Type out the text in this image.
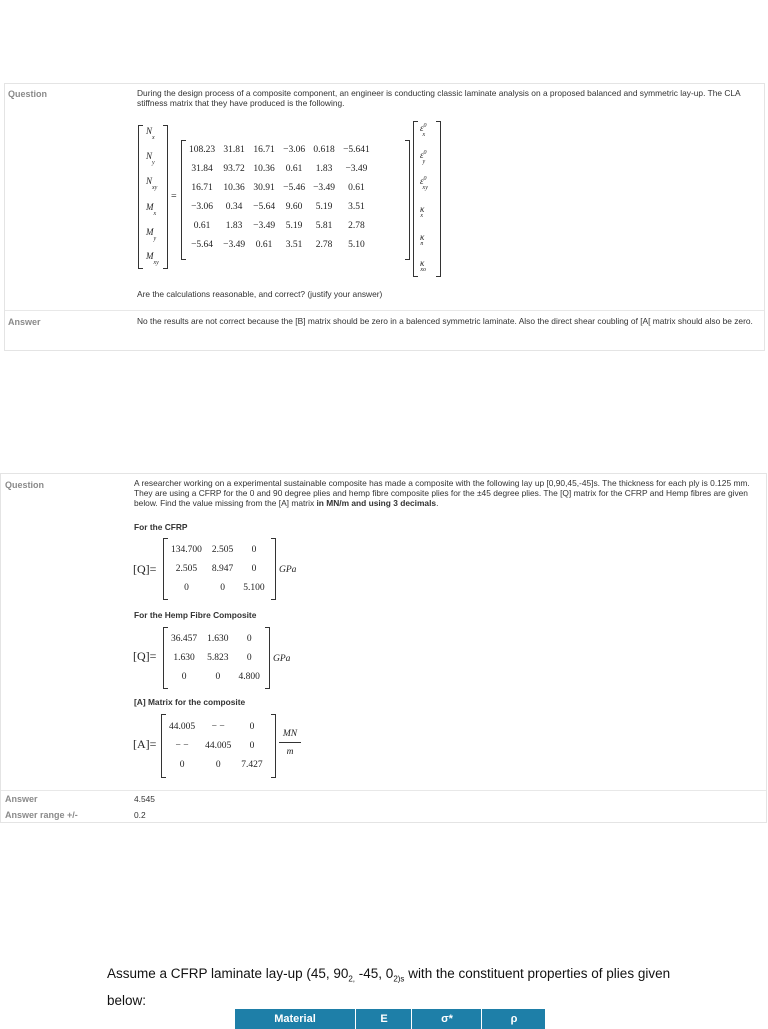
Question	During the design process of a composite component, an engineer is conducting classic laminate analysis on a proposed balanced and symmetric lay-up. The CLA stiffness matrix that they have produced is the following.
$N_x$
$N_y$
$N_{xy}$
$M_x$
$M_y$
$M_{xy}$
=
108.23	31.81	16.71	−3.06	0.618	−5.641
31.84	93.72	10.36	0.61	1.83	−3.49
16.71	10.36	30.91	−5.46	−3.49	0.61
−3.06	0.34	−5.64	9.60	5.19	3.51
0.61	1.83	−3.49	5.19	5.81	2.78
−5.64	−3.49	0.61	3.51	2.78	5.10
$\varepsilon^0_x$
$\varepsilon^0_y$
$\varepsilon^0_{xy}$
$\kappa_x$
$\kappa_n$
$\kappa_{xo}$
Are the calculations reasonable, and correct? (justify your answer)
Answer	No the results are not correct because the [B] matrix should be zero in a balenced symmetric laminate. Also the direct shear coubling of [A[ matrix should also be zero.
Question	A researcher working on a experimental sustainable composite has made a composite with the following lay up [0,90,45,-45]s. The thickness for each ply is 0.125 mm. They are using a CFRP for the 0 and 90 degree plies and hemp fibre composite plies for the ±45 degree plies. The [Q] matrix for the CFRP and Hemp fibres are given below. Find the value missing from the [A] matrix in MN/m and using 3 decimals.
For the CFRP
[Q]=
134.700	2.505	0
2.505	8.947	0
0	0	5.100
GPa
For the Hemp Fibre Composite
[Q]=
36.457	1.630	0
1.630	5.823	0
0	0	4.800
GPa
[A] Matrix for the composite
[A]=
44.005	− −	0
− −	44.005	0
0	0	7.427
$\frac{MN}{m}$
Answer	4.545
Answer range +/-	0.2
Assume a CFRP laminate lay-up (45, $90_{2,}$ -45, $0_{2)s}$ with the constituent properties of plies given below:
Material	E	σ*	ρ
